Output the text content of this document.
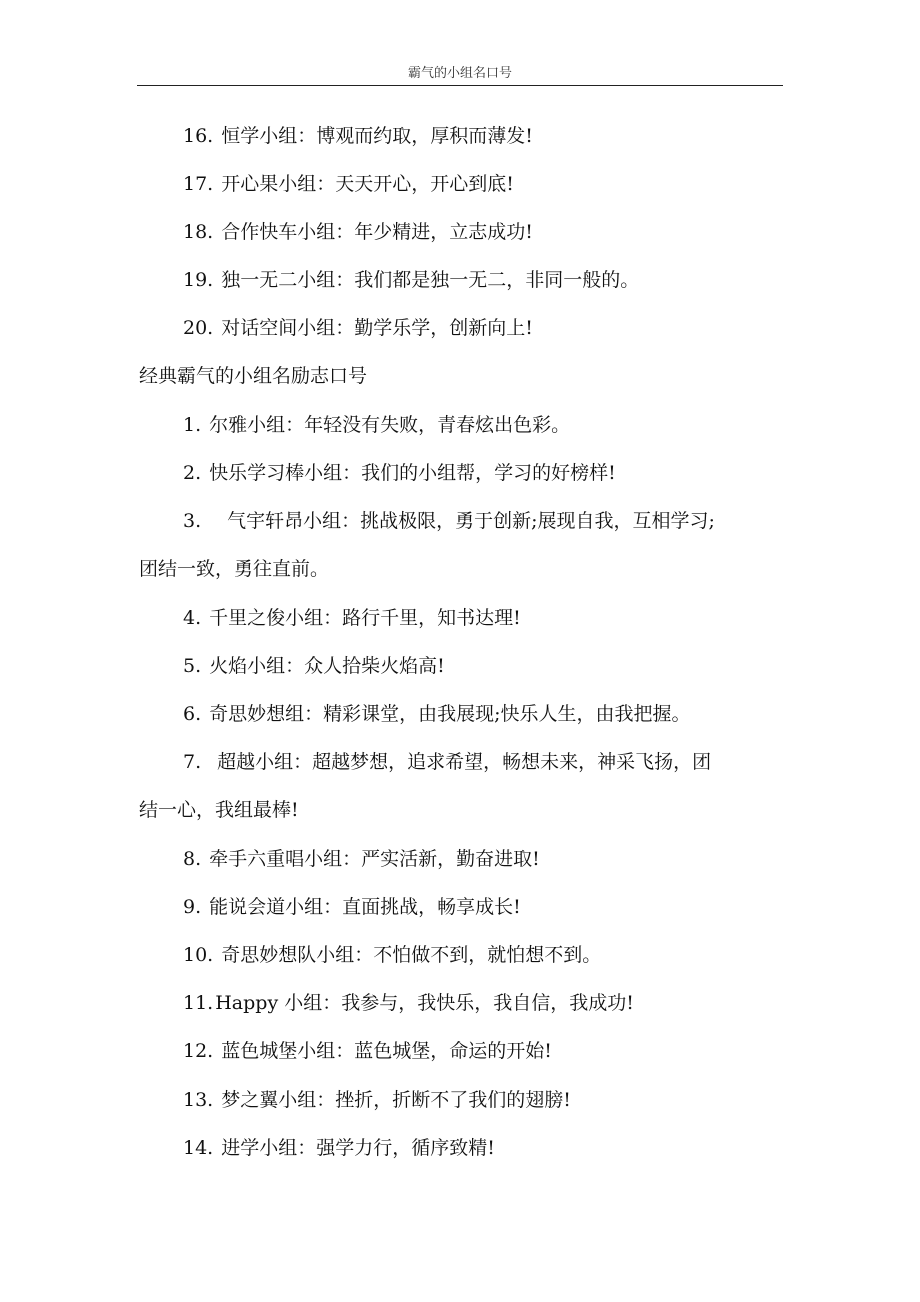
霸气的小组名口号
16. 恒学小组：博观而约取，厚积而薄发!
17. 开心果小组：天天开心，开心到底!
18. 合作快车小组：年少精进，立志成功!
19. 独一无二小组：我们都是独一无二，非同一般的。
20. 对话空间小组：勤学乐学，创新向上!
经典霸气的小组名励志口号
1. 尔雅小组：年轻没有失败，青春炫出色彩。
2. 快乐学习棒小组：我们的小组帮，学习的好榜样!
3. 气宇轩昂小组：挑战极限，勇于创新;展现自我，互相学习;
团结一致，勇往直前。
4. 千里之俊小组：路行千里，知书达理!
5. 火焰小组：众人拾柴火焰高!
6. 奇思妙想组：精彩课堂，由我展现;快乐人生，由我把握。
7. 超越小组：超越梦想，追求希望，畅想未来，神采飞扬，团
结一心，我组最棒!
8. 牵手六重唱小组：严实活新，勤奋进取!
9. 能说会道小组：直面挑战，畅享成长!
10. 奇思妙想队小组：不怕做不到，就怕想不到。
11. Happy 小组：我参与，我快乐，我自信，我成功!
12. 蓝色城堡小组：蓝色城堡，命运的开始!
13. 梦之翼小组：挫折，折断不了我们的翅膀!
14. 进学小组：强学力行，循序致精!
